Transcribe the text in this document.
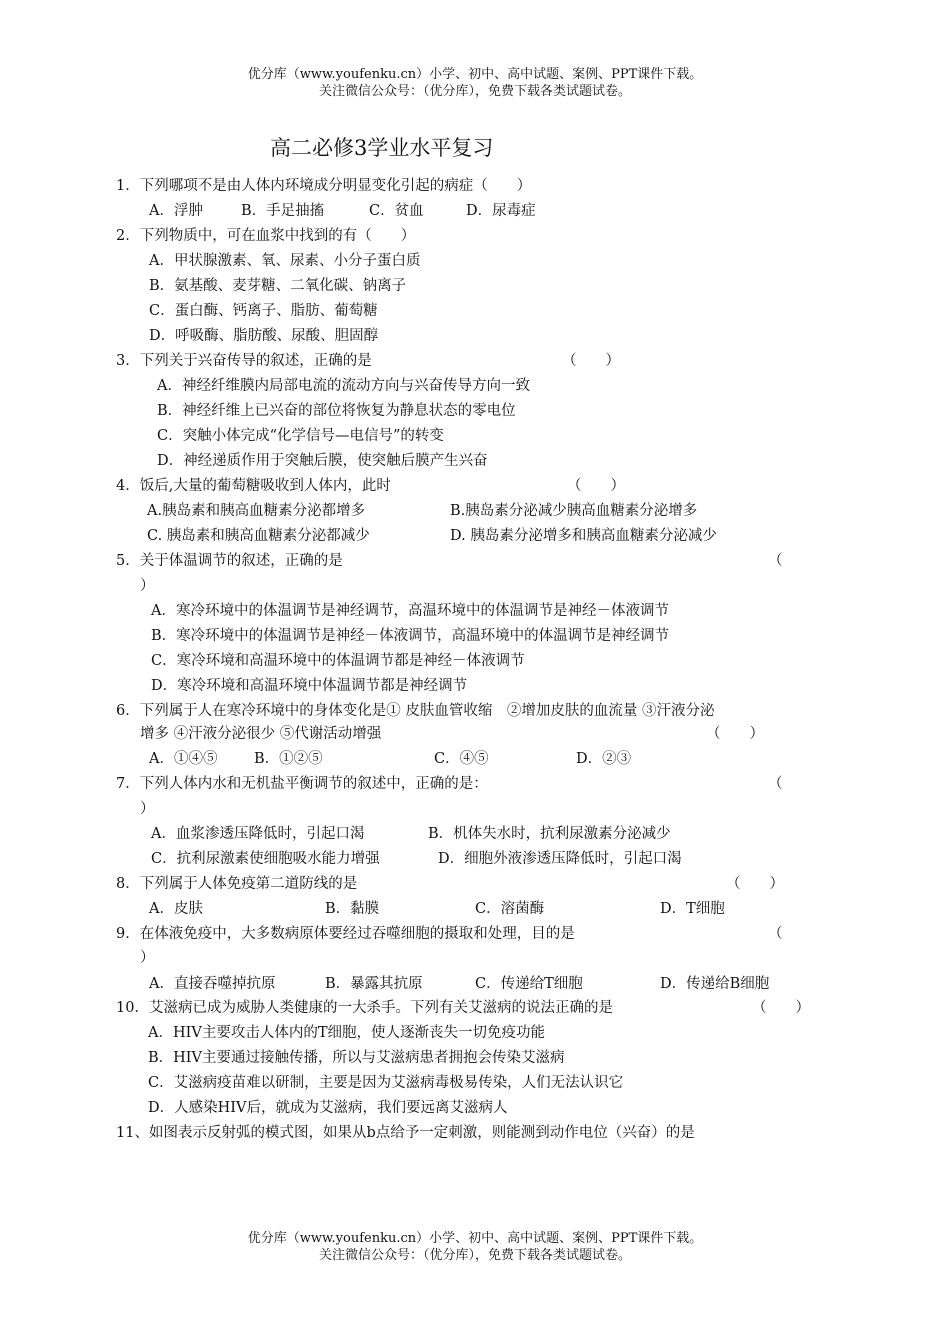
优分库（www.youfenku.cn）小学、初中、高中试题、案例、PPT课件下载。
关注微信公众号：（优分库），免费下载各类试题试卷。
高二必修3学业水平复习
1．下列哪项不是由人体内环境成分明显变化引起的病症（　　）
A．浮肿	B．手足抽搐	C．贫血	D．尿毒症
2．下列物质中，可在血浆中找到的有（　　）
A．甲状腺激素、氧、尿素、小分子蛋白质
B．氨基酸、麦芽糖、二氧化碳、钠离子
C．蛋白酶、钙离子、脂肪、葡萄糖
D．呼吸酶、脂肪酸、尿酸、胆固醇
3．下列关于兴奋传导的叙述，正确的是	（　　）
A．神经纤维膜内局部电流的流动方向与兴奋传导方向一致
B．神经纤维上已兴奋的部位将恢复为静息状态的零电位
C．突触小体完成“化学信号—电信号”的转变
D．神经递质作用于突触后膜，使突触后膜产生兴奋
4．饭后,大量的葡萄糖吸收到人体内，此时	（　　）
A.胰岛素和胰高血糖素分泌都增多	B.胰岛素分泌减少胰高血糖素分泌增多
C. 胰岛素和胰高血糖素分泌都减少	D. 胰岛素分泌增多和胰高血糖素分泌减少
5．关于体温调节的叙述，正确的是	（
）
A．寒冷环境中的体温调节是神经调节，高温环境中的体温调节是神经－体液调节
B．寒冷环境中的体温调节是神经－体液调节，高温环境中的体温调节是神经调节
C．寒冷环境和高温环境中的体温调节都是神经－体液调节
D．寒冷环境和高温环境中体温调节都是神经调节
6．下列属于人在寒冷环境中的身体变化是① 皮肤血管收缩　②增加皮肤的血流量 ③汗液分泌
增多 ④汗液分泌很少 ⑤代谢活动增强	（　　）
A．①④⑤	B．①②⑤	C．④⑤	D．②③
7．下列人体内水和无机盐平衡调节的叙述中，正确的是：	（
）
A．血浆渗透压降低时，引起口渴	B．机体失水时，抗利尿激素分泌减少
C．抗利尿激素使细胞吸水能力增强	D．细胞外液渗透压降低时，引起口渴
8．下列属于人体免疫第二道防线的是	（　　）
A．皮肤	B．黏膜	C．溶菌酶	D．T细胞
9．在体液免疫中，大多数病原体要经过吞噬细胞的摄取和处理，目的是	（
）
A．直接吞噬掉抗原	B．暴露其抗原	C．传递给T细胞	D．传递给B细胞
10．艾滋病已成为威胁人类健康的一大杀手。下列有关艾滋病的说法正确的是	（　　）
A．HIV主要攻击人体内的T细胞，使人逐渐丧失一切免疫功能
B．HIV主要通过接触传播，所以与艾滋病患者拥抱会传染艾滋病
C．艾滋病疫苗难以研制，主要是因为艾滋病毒极易传染，人们无法认识它
D．人感染HIV后，就成为艾滋病，我们要远离艾滋病人
11、如图表示反射弧的模式图，如果从b点给予一定刺激，则能测到动作电位（兴奋）的是
优分库（www.youfenku.cn）小学、初中、高中试题、案例、PPT课件下载。
关注微信公众号：（优分库），免费下载各类试题试卷。
